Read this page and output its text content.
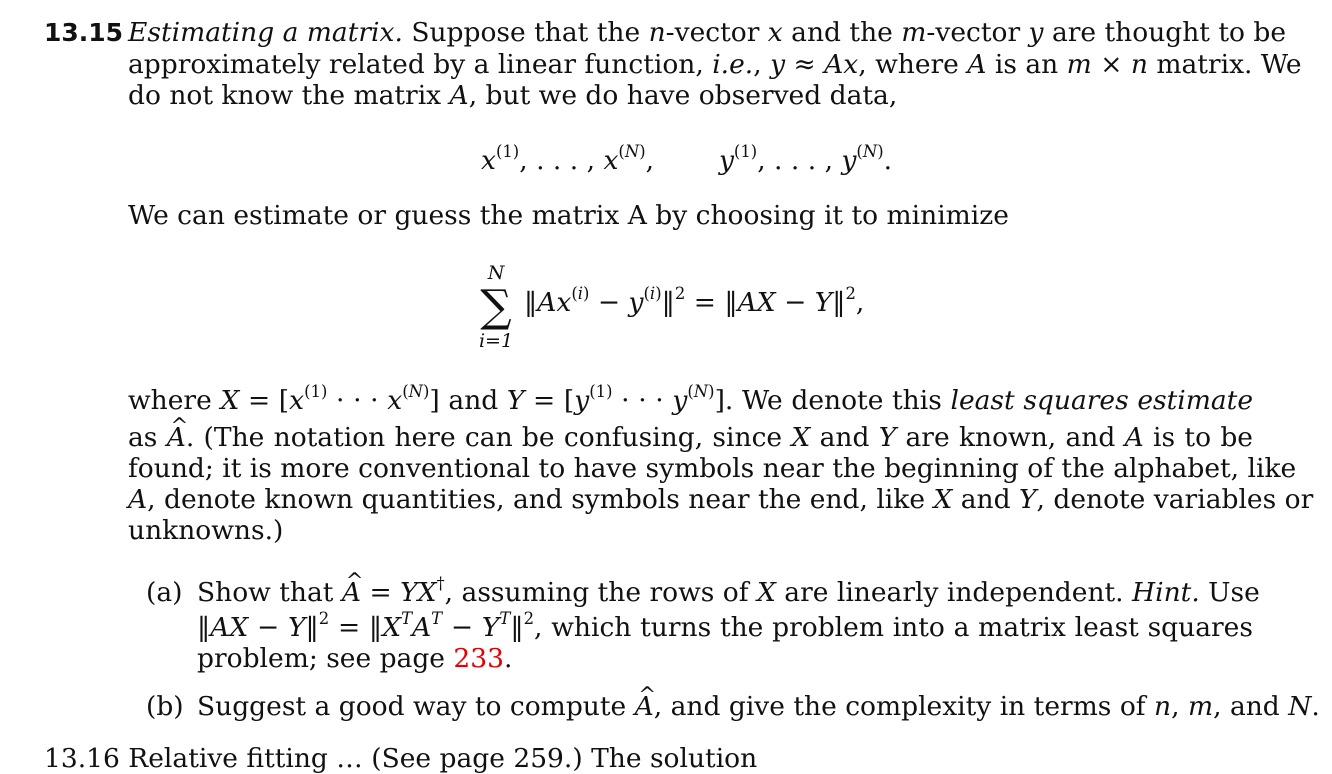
13.15 Estimating a matrix. Suppose that the n-vector x and the m-vector y are thought to be

approximately related by a linear function, i.e., y ≈ Ax, where A is an m × n matrix. We

do not know the matrix A, but we do have observed data,

$x^{(1)}$, . . . , $x^{(N)}$,  $y^{(1)}$, . . . , $y^{(N)}$.

We can estimate or guess the matrix A by choosing it to minimize

N
∑
i=1
$‖Ax^{(i)}$ − $y^{(i)}‖^2$ = ‖AX − Y‖$^2$,

where $X = [x^{(1)}$ · · · $x^{(N)}$] and $Y = [y^{(1)}$ · · · $y^{(N)}$]. We denote this least squares estimate

as ^ A. (The notation here can be confusing, since X and Y are known, and A is to be

found; it is more conventional to have symbols near the beginning of the alphabet, like

A, denote known quantities, and symbols near the end, like X and Y, denote variables or

unknowns.)

(a) Show that ^ A = YX†, assuming the rows of X are linearly independent. Hint. Use

‖AX − Y‖$^2$ = $‖X^TA^T$ − $Y^T‖^2$, which turns the problem into a matrix least squares

problem; see page 233.

(b) Suggest a good way to compute ^ A, and give the complexity in terms of n, m, and N.

13.16 Relative fitting … (See page 259.) The solution
